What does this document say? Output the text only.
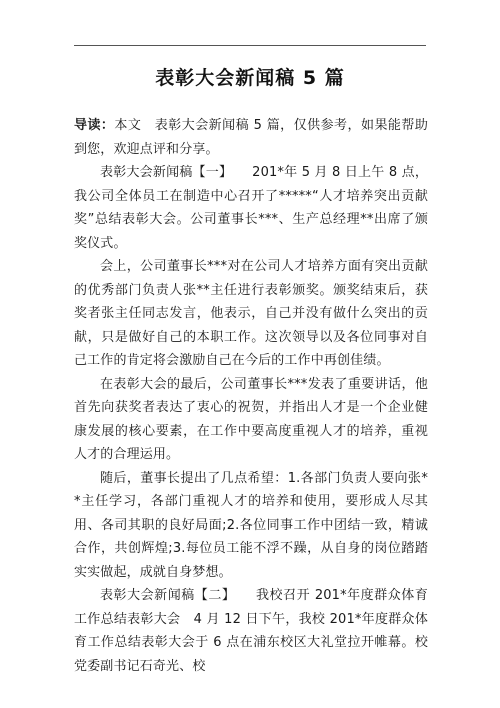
表彰大会新闻稿 5 篇

导读：本文　表彰大会新闻稿 5 篇，仅供参考，如果能帮助到您，欢迎点评和分享。

表彰大会新闻稿【一】　　201*年 5 月 8 日上午 8 点，我公司全体员工在制造中心召开了*****“人才培养突出贡献奖”总结表彰大会。公司董事长***、生产总经理**出席了颁奖仪式。

会上，公司董事长***对在公司人才培养方面有突出贡献的优秀部门负责人张**主任进行表彰颁奖。颁奖结束后，获奖者张主任同志发言，他表示，自己并没有做什么突出的贡献，只是做好自己的本职工作。这次领导以及各位同事对自己工作的肯定将会激励自己在今后的工作中再创佳绩。

在表彰大会的最后，公司董事长***发表了重要讲话，他首先向获奖者表达了衷心的祝贺，并指出人才是一个企业健康发展的核心要素，在工作中要高度重视人才的培养，重视人才的合理运用。

随后，董事长提出了几点希望：1.各部门负责人要向张**主任学习，各部门重视人才的培养和使用，要形成人尽其用、各司其职的良好局面;2.各位同事工作中团结一致，精诚合作，共创辉煌;3.每位员工能不浮不躁，从自身的岗位踏踏实实做起，成就自身梦想。

表彰大会新闻稿【二】　　我校召开 201*年度群众体育工作总结表彰大会　4 月 12 日下午，我校 201*年度群众体育工作总结表彰大会于 6 点在浦东校区大礼堂拉开帷幕。校党委副书记石奇光、校
